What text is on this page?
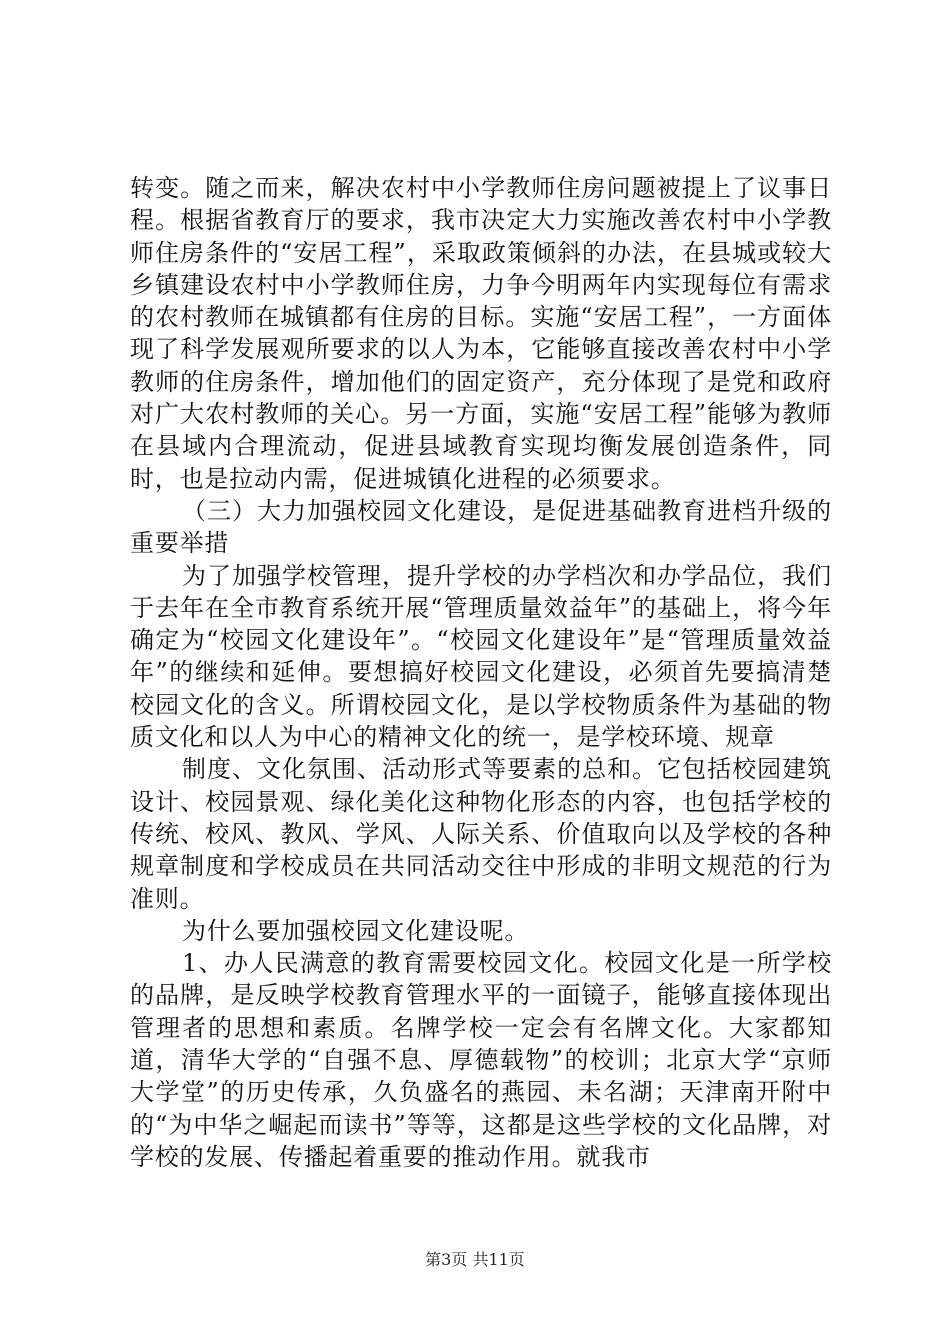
转变。随之而来，解决农村中小学教师住房问题被提上了议事日程。根据省教育厅的要求，我市决定大力实施改善农村中小学教师住房条件的“安居工程”，采取政策倾斜的办法，在县城或较大乡镇建设农村中小学教师住房，力争今明两年内实现每位有需求的农村教师在城镇都有住房的目标。实施“安居工程”，一方面体现了科学发展观所要求的以人为本，它能够直接改善农村中小学教师的住房条件，增加他们的固定资产，充分体现了是党和政府对广大农村教师的关心。另一方面，实施“安居工程”能够为教师在县域内合理流动，促进县域教育实现均衡发展创造条件，同时，也是拉动内需，促进城镇化进程的必须要求。

（三）大力加强校园文化建设，是促进基础教育进档升级的重要举措

为了加强学校管理，提升学校的办学档次和办学品位，我们于去年在全市教育系统开展“管理质量效益年”的基础上，将今年确定为“校园文化建设年”。“校园文化建设年”是“管理质量效益年”的继续和延伸。要想搞好校园文化建设，必须首先要搞清楚校园文化的含义。所谓校园文化，是以学校物质条件为基础的物质文化和以人为中心的精神文化的统一，是学校环境、规章

制度、文化氛围、活动形式等要素的总和。它包括校园建筑设计、校园景观、绿化美化这种物化形态的内容，也包括学校的传统、校风、教风、学风、人际关系、价值取向以及学校的各种规章制度和学校成员在共同活动交往中形成的非明文规范的行为准则。

为什么要加强校园文化建设呢。

1、办人民满意的教育需要校园文化。校园文化是一所学校的品牌，是反映学校教育管理水平的一面镜子，能够直接体现出管理者的思想和素质。名牌学校一定会有名牌文化。大家都知道，清华大学的“自强不息、厚德载物”的校训；北京大学“京师大学堂”的历史传承，久负盛名的燕园、未名湖；天津南开附中的“为中华之崛起而读书”等等，这都是这些学校的文化品牌，对学校的发展、传播起着重要的推动作用。就我市

第3页 共11页
